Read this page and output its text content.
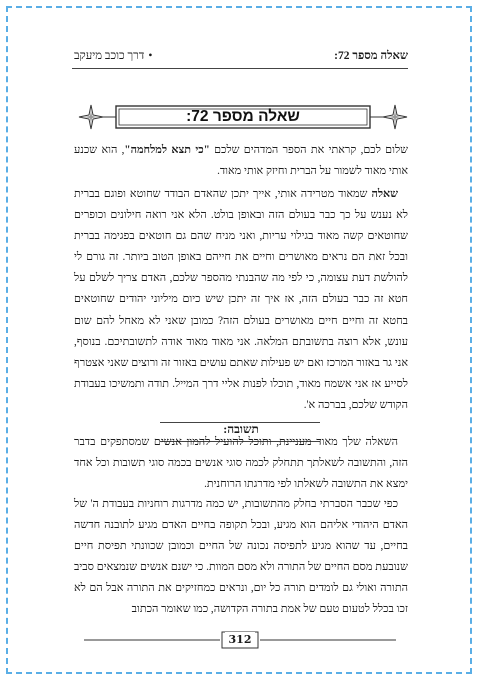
שאלה מספר 72:
•דרך כוכב מיעקב
שאלה מספר 72:

שלום לכם, קראתי את הספר המדהים שלכם "כי תצא למלחמה", הוא שכנע אותי מאוד לשמור על הברית וחיזק אותי מאוד.

שאלה שמאוד מטרידה אותי, אייך יתכן שהאדם הבודד שחוטא ופוגם בברית לא נענש על כך כבר בעולם הזה ובאופן בולט. הלא אני רואה חילונים וכופרים שחוטאים קשה מאוד בגילוי עריות, ואני מניח שהם גם חוטאים בפגימה בברית ובכל זאת הם נראים מאושרים וחיים את חייהם באופן הטוב ביותר. זה גורם לי להולשת דעת עצומה, כי לפי מה שהבנתי מהספר שלכם, האדם צריך לשלם על חטא זה כבר בעולם הזה, אז איך זה יתכן שיש כיום מיליוני יהודים שחוטאים בחטא זה וחיים חיים מאושרים בעולם הזה? כמובן שאני לא מאחל להם שום עונש, אלא רוצה בתשובתם המלאה. אני מאוד מאוד אודה לתשובתיכם. בנוסף, אני גר באזור המרכז ואם יש פעילות שאתם עושים באזור זה ורוצים שאני אצטרף לסייע אז אני אשמח מאוד, תוכלו לפנות אליי דרך המייל. תודה ותמשיכו בעבודת הקודש שלכם, בברכה א'.

תשובה:

השאלה שלך מאוד מעניינת, ותוכל להועיל להמון אנשים שמסתפקים בדבר הזה, והתשובה לשאלתך תתחלק לכמה סוגי אנשים בכמה סוגי תשובות וכל אחד ימצא את התשובה לשאלתו לפי מדרגתו הרוחנית.

כפי שכבר הסברתי בחלק מהתשובות, יש כמה מדרגות רוחניות בעבודת ה' של האדם היהודי אליהם הוא מגיע, ובכל תקופה בחיים האדם מגיע לתובנה חדשה בחיים, עד שהוא מגיע לתפיסה נכונה של החיים וכמובן שכוונתי תפיסת חיים שנובעת מסם החיים של התורה ולא מסם המוות. כי ישנם אנשים שנמצאים סביב התורה ואולי גם לומדים תורה כל יום, ונראים כמחזיקים את התורה אבל הם לא זכו בכלל לטעום טעם של אמת בתורה הקדושה, כמו שאומר הכתוב

312
